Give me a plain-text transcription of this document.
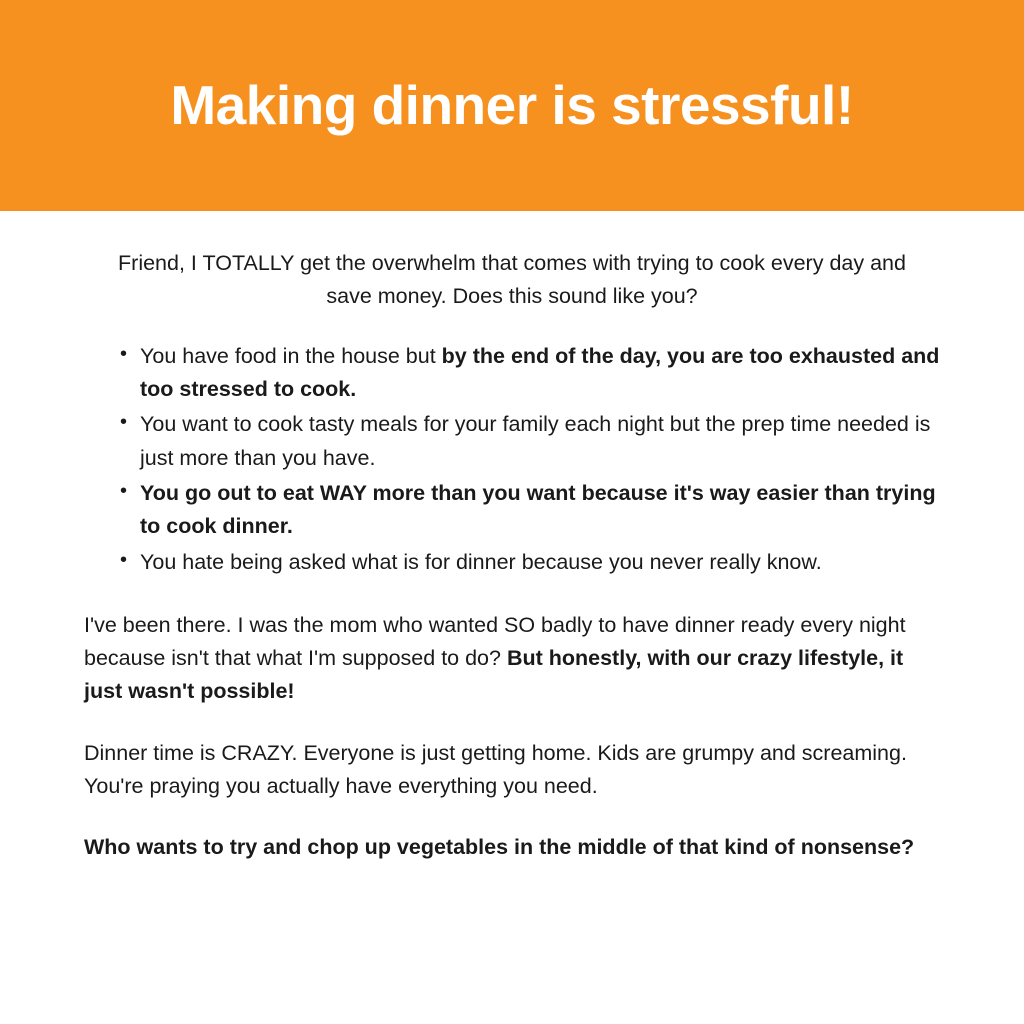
Making dinner is stressful!

Friend, I TOTALLY get the overwhelm that comes with trying to cook every day and save money. Does this sound like you?

• You have food in the house but by the end of the day, you are too exhausted and too stressed to cook.
• You want to cook tasty meals for your family each night but the prep time needed is just more than you have.
• You go out to eat WAY more than you want because it's way easier than trying to cook dinner.
• You hate being asked what is for dinner because you never really know.

I've been there. I was the mom who wanted SO badly to have dinner ready every night because isn't that what I'm supposed to do? But honestly, with our crazy lifestyle, it just wasn't possible!

Dinner time is CRAZY. Everyone is just getting home. Kids are grumpy and screaming. You're praying you actually have everything you need.

Who wants to try and chop up vegetables in the middle of that kind of nonsense?
